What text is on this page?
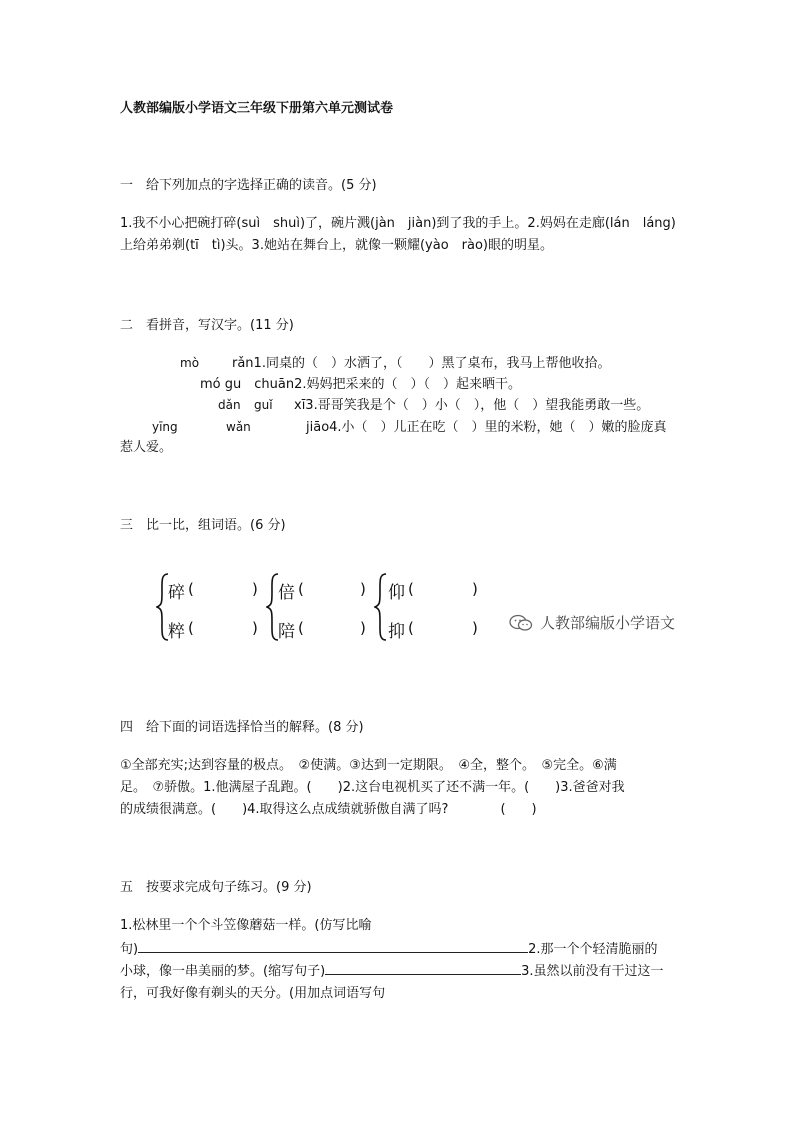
人教部编版小学语文三年级下册第六单元测试卷
一　给下列加点的字选择正确的读音。(5 分)
1.我不小心把碗打碎(suì　shuì)了，碗片溅(jàn　jiàn)到了我的手上。2.妈妈在走廊(lán　láng)
上给弟弟剃(tī　tì)头。3.她站在舞台上，就像一颗耀(yào　rào)眼的明星。
二　看拼音，写汉字。(11 分)
mò	rǎn1.同桌的（　）水洒了，（　　）黑了桌布，我马上帮他收拾。
mó gu　chuān2.妈妈把采来的（　）（　）起来晒干。
dǎn guǐ xī3.哥哥笑我是个（　）小（　），他（　）望我能勇敢一些。
yīng	wǎn	jiāo4.小（　）儿正在吃（　）里的米粉，她（　）嫩的脸庞真
惹人爱。
三　比一比，组词语。(6 分)
碎 (	)
粹 (	)
倍 (	)
陪 (	)
仰 (	)
抑 (	)	人教部编版小学语文
四　给下面的词语选择恰当的解释。(8 分)
①全部充实;达到容量的极点。　②使满。③达到一定期限。　④全，整个。　⑤完全。⑥满
足。　⑦骄傲。1.他满屋子乱跑。(　　)2.这台电视机买了还不满一年。(　　)3.爸爸对我
的成绩很满意。(　　)4.取得这么点成绩就骄傲自满了吗?　　　　(　　)
五　按要求完成句子练习。(9 分)
1.松林里一个个斗笠像蘑菇一样。(仿写比喻
句)	2.那一个个轻清脆丽的
小球，像一串美丽的梦。(缩写句子)	3.虽然以前没有干过这一
行，可我好像有剃头的天分。(用加点词语写句
